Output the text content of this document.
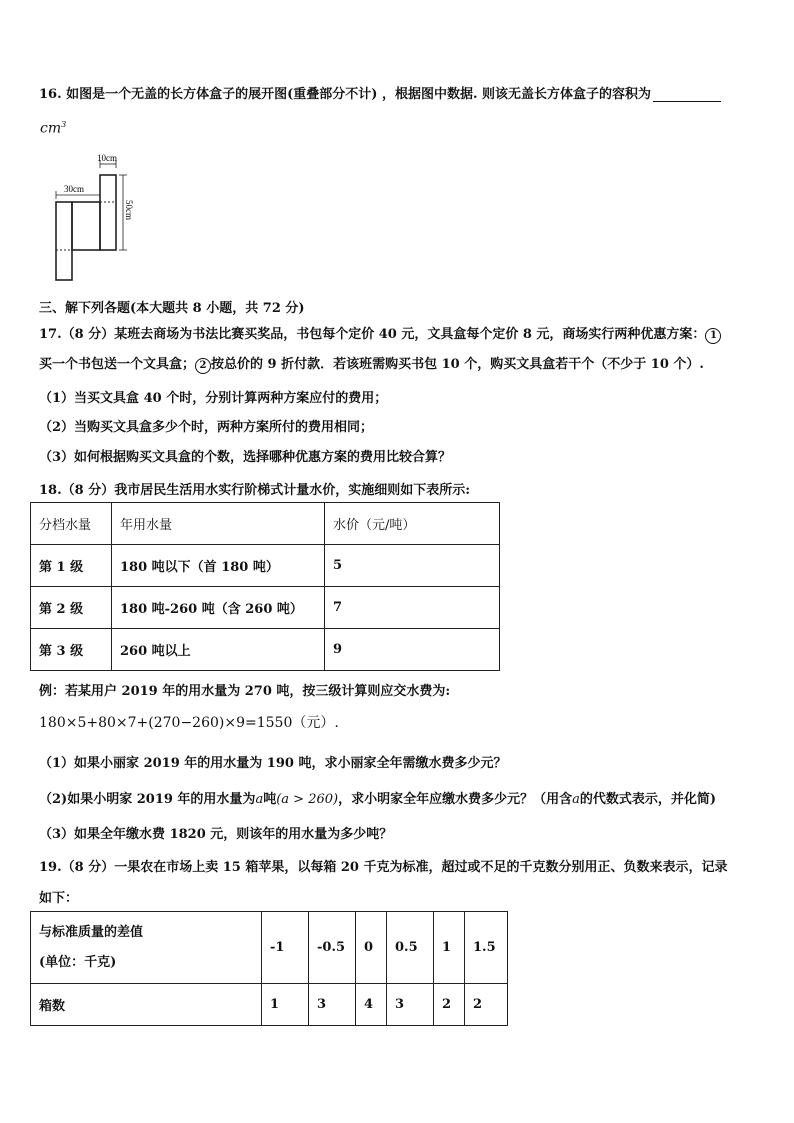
16. 如图是一个无盖的长方体盒子的展开图(重叠部分不计) ，根据图中数据. 则该无盖长方体盒子的容积为
$cm^3$
10cm
30cm
50cm
三、解下列各题(本大题共 8 小题，共 72 分)
17.（8 分）某班去商场为书法比赛买奖品，书包每个定价 40 元，文具盒每个定价 8 元，商场实行两种优惠方案： 1
买一个书包送一个文具盒； 2 按总价的 9 折付款．若该班需购买书包 10 个，购买文具盒若干个（不少于 10 个）.
（1）当买文具盒 40 个时，分别计算两种方案应付的费用；
（2）当购买文具盒多少个时，两种方案所付的费用相同；
（3）如何根据购买文具盒的个数，选择哪种优惠方案的费用比较合算？
18.（8 分）我市居民生活用水实行阶梯式计量水价，实施细则如下表所示:
分档水量	年用水量	水价（元/吨）
第 1 级	180 吨以下（首 180 吨）	5
第 2 级	180 吨-260 吨（含 260 吨）	7
第 3 级	260 吨以上	9
例：若某用户 2019 年的用水量为 270 吨，按三级计算则应交水费为:
180×5+80×7+(270−260)×9=1550（元）.
（1）如果小丽家 2019 年的用水量为 190 吨，求小丽家全年需缴水费多少元？
（2)如果小明家 2019 年的用水量为a吨(a > 260)，求小明家全年应缴水费多少元？（用含a的代数式表示，并化简)
（3）如果全年缴水费 1820 元，则该年的用水量为多少吨？
19.（8 分）一果农在市场上卖 15 箱苹果，以每箱 20 千克为标准，超过或不足的千克数分别用正、负数来表示，记录
如下：
与标准质量的差值
(单位：千克)	-1	-0.5	0	0.5	1	1.5
箱数	1	3	4	3	2	2
